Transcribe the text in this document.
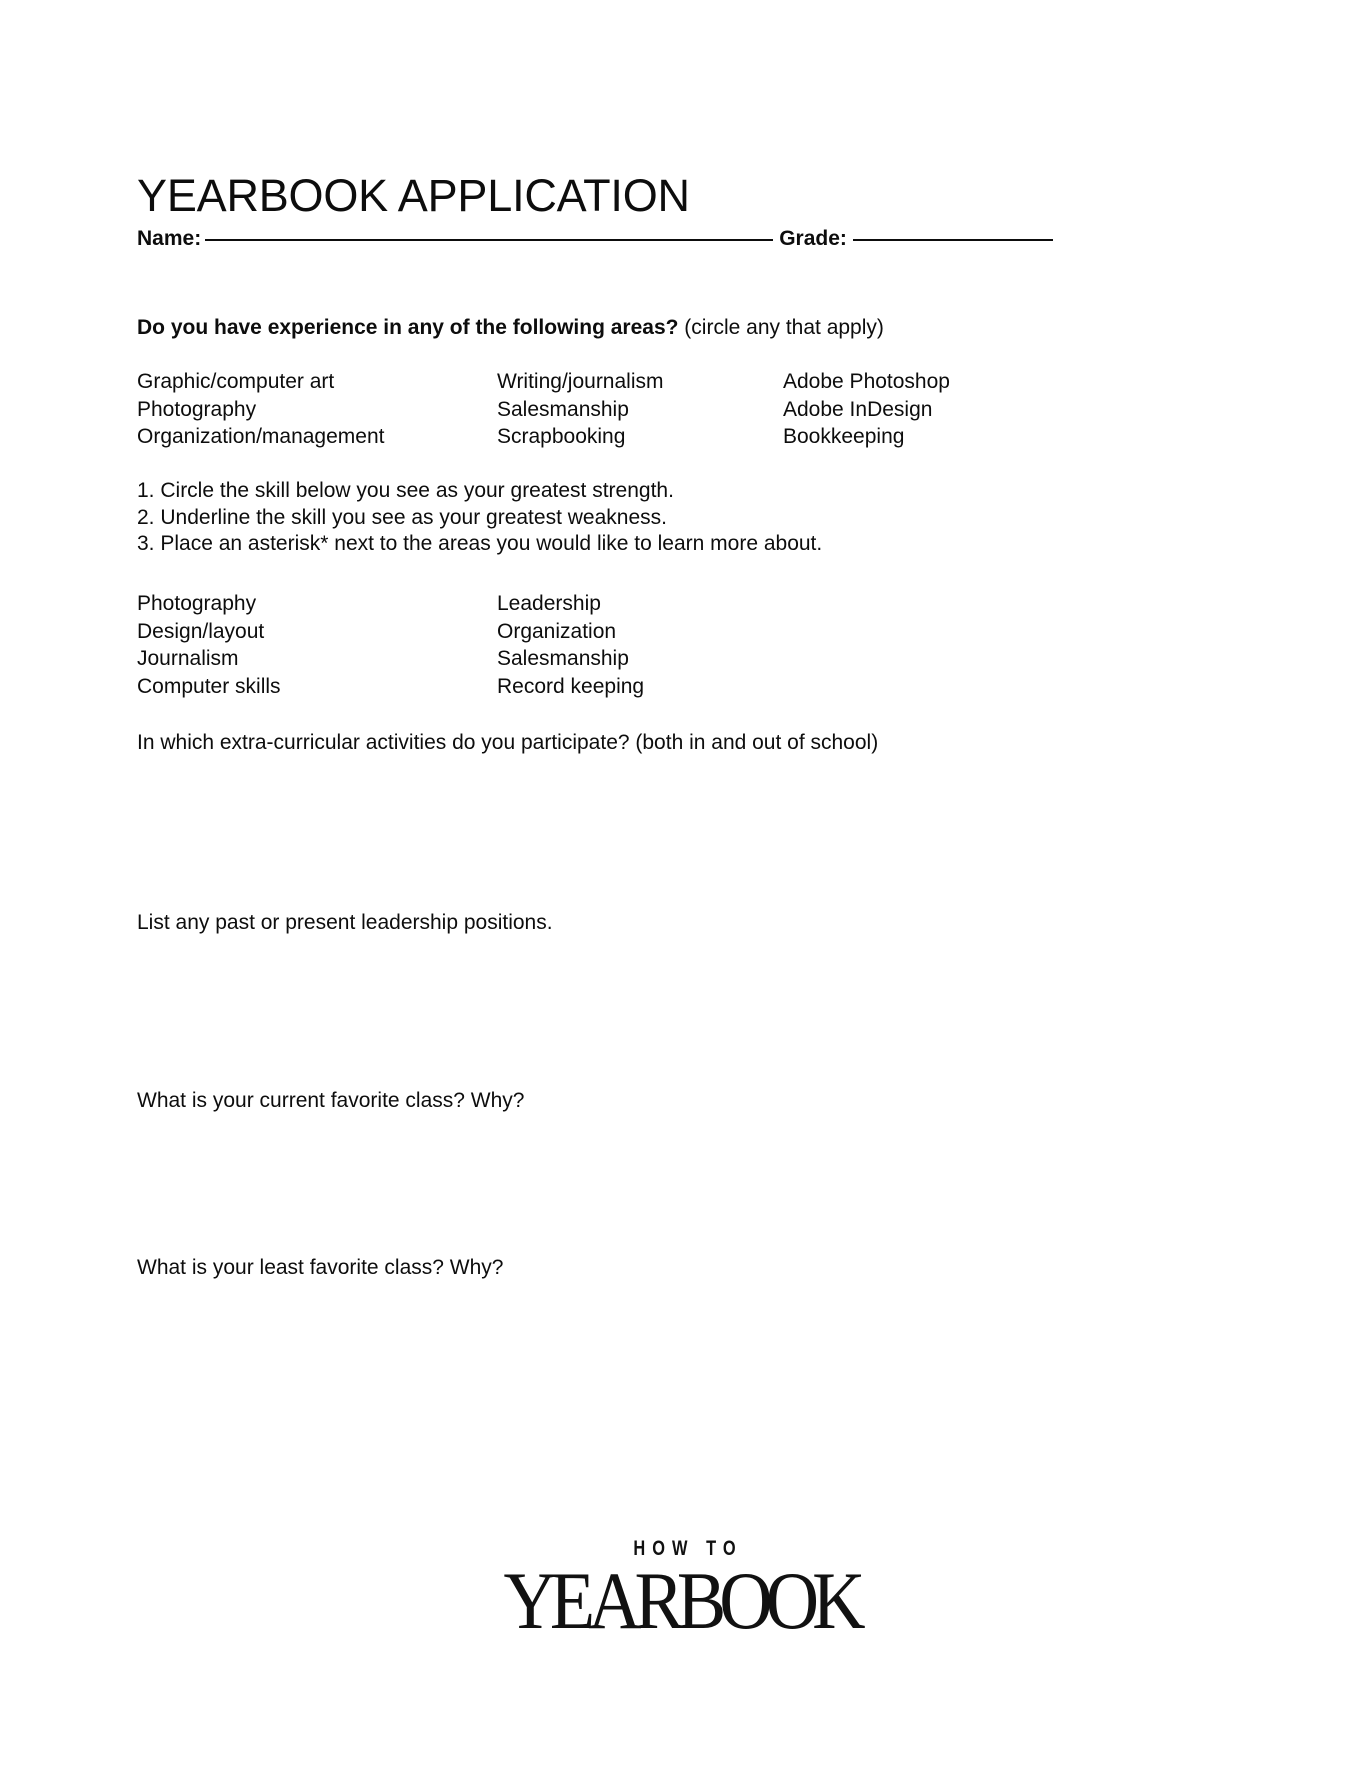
YEARBOOK APPLICATION
Name:	Grade:
Do you have experience in any of the following areas? (circle any that apply)
Graphic/computer art	Writing/journalism	Adobe Photoshop
Photography	Salesmanship	Adobe InDesign
Organization/management	Scrapbooking	Bookkeeping
1. Circle the skill below you see as your greatest strength.
2. Underline the skill you see as your greatest weakness.
3. Place an asterisk* next to the areas you would like to learn more about.
Photography	Leadership
Design/layout	Organization
Journalism	Salesmanship
Computer skills	Record keeping
In which extra-curricular activities do you participate? (both in and out of school)
List any past or present leadership positions.
What is your current favorite class? Why?
What is your least favorite class? Why?
HOW TO
YEARBOOK
